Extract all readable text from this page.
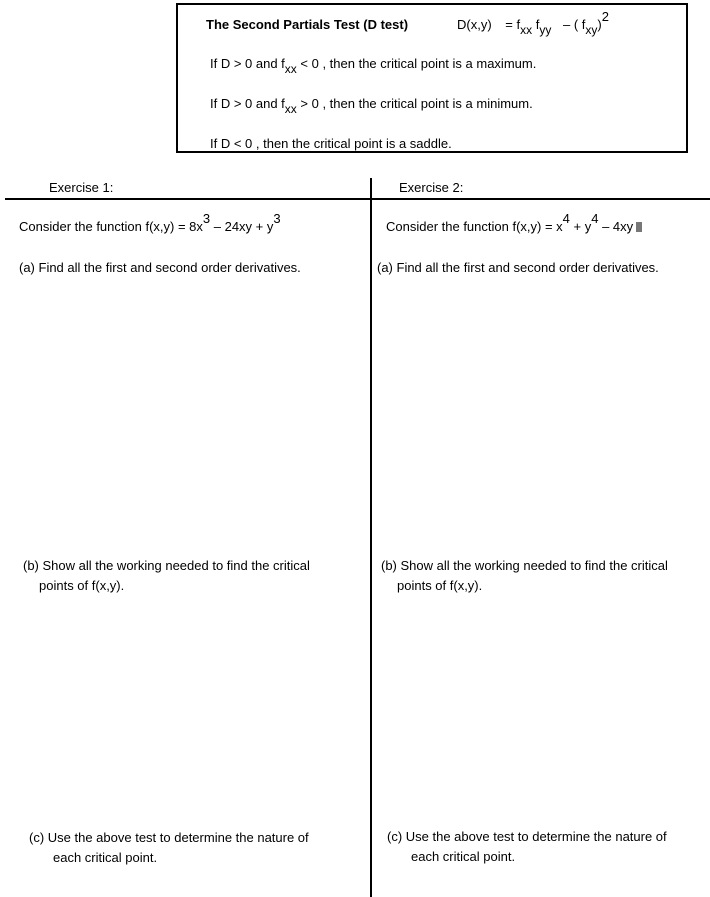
The Second Partials Test (D test)	$D(x,y) = f_{xx}$ $f_{yy}$ – ( $f_{xy})^2$
If D > 0 and $f_{xx} < 0$ , then the critical point is a maximum.
If D > 0 and $f_{xx} > 0$ , then the critical point is a minimum.
If D < 0 , then the critical point is a saddle.
Exercise 1:
Consider the function $f(x,y) = 8x^3 - 24xy + y^3$
(a) Find all the first and second order derivatives.
(b) Show all the working needed to find the critical
points of f(x,y).
(c) Use the above test to determine the nature of
each critical point.
Exercise 2:
Consider the function $f(x,y) = x^4 + y^4 - 4xy$
(a) Find all the first and second order derivatives.
(b) Show all the working needed to find the critical
points of f(x,y).
(c) Use the above test to determine the nature of
each critical point.
